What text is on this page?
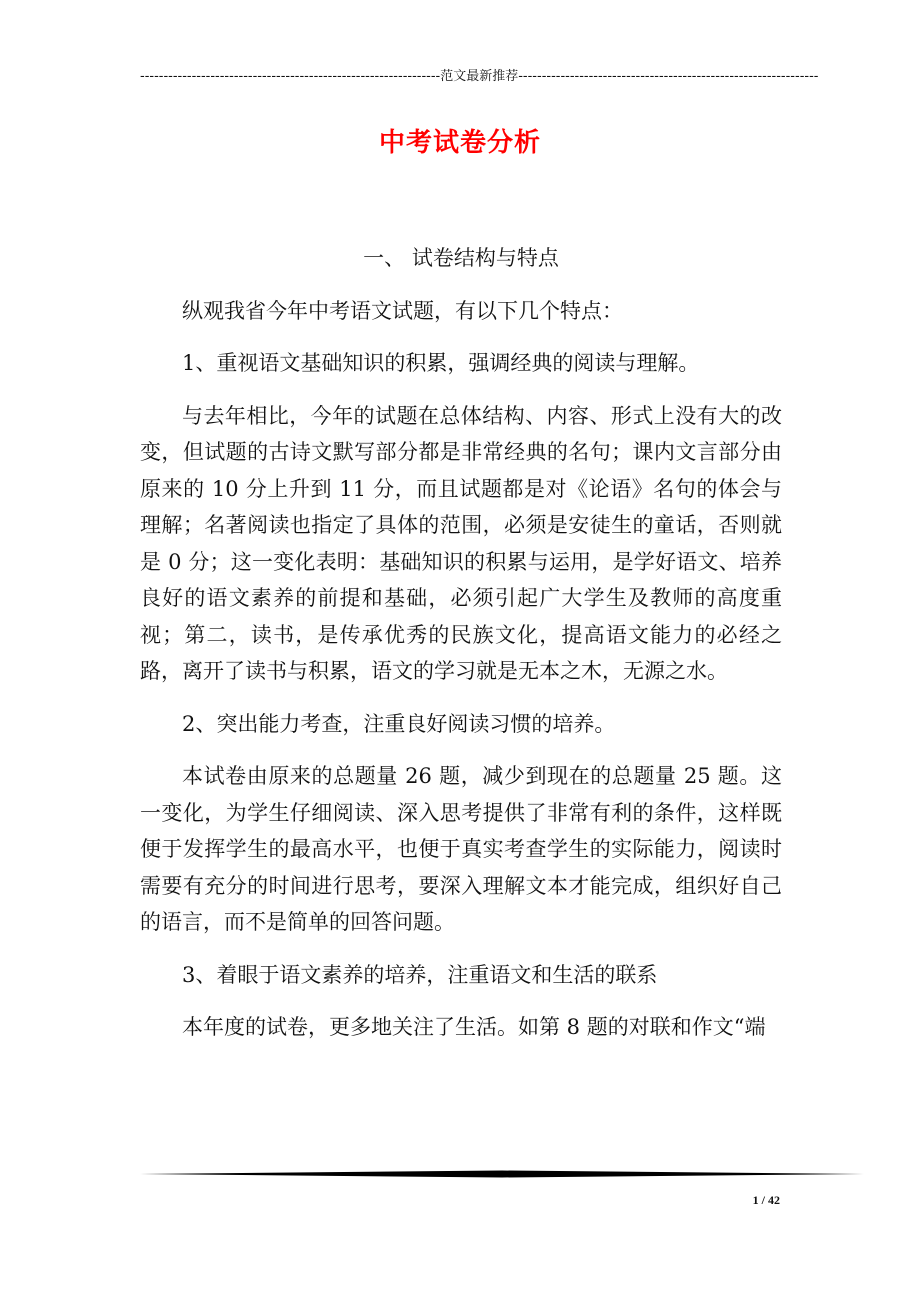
----------------------------------------------------------------范文最新推荐----------------------------------------------------------------
中考试卷分析

一、 试卷结构与特点

纵观我省今年中考语文试题，有以下几个特点：

1、重视语文基础知识的积累，强调经典的阅读与理解。

与去年相比，今年的试题在总体结构、内容、形式上没有大的改变，但试题的古诗文默写部分都是非常经典的名句；课内文言部分由原来的 10 分上升到 11 分，而且试题都是对《论语》名句的体会与理解；名著阅读也指定了具体的范围，必须是安徒生的童话，否则就是 0 分；这一变化表明：基础知识的积累与运用，是学好语文、培养良好的语文素养的前提和基础，必须引起广大学生及教师的高度重视；第二，读书，是传承优秀的民族文化，提高语文能力的必经之路，离开了读书与积累，语文的学习就是无本之木，无源之水。

2、突出能力考查，注重良好阅读习惯的培养。

本试卷由原来的总题量 26 题，减少到现在的总题量 25 题。这一变化，为学生仔细阅读、深入思考提供了非常有利的条件，这样既便于发挥学生的最高水平，也便于真实考查学生的实际能力，阅读时需要有充分的时间进行思考，要深入理解文本才能完成，组织好自己的语言，而不是简单的回答问题。

3、着眼于语文素养的培养，注重语文和生活的联系

本年度的试卷，更多地关注了生活。如第 8 题的对联和作文“端

1 / 42
